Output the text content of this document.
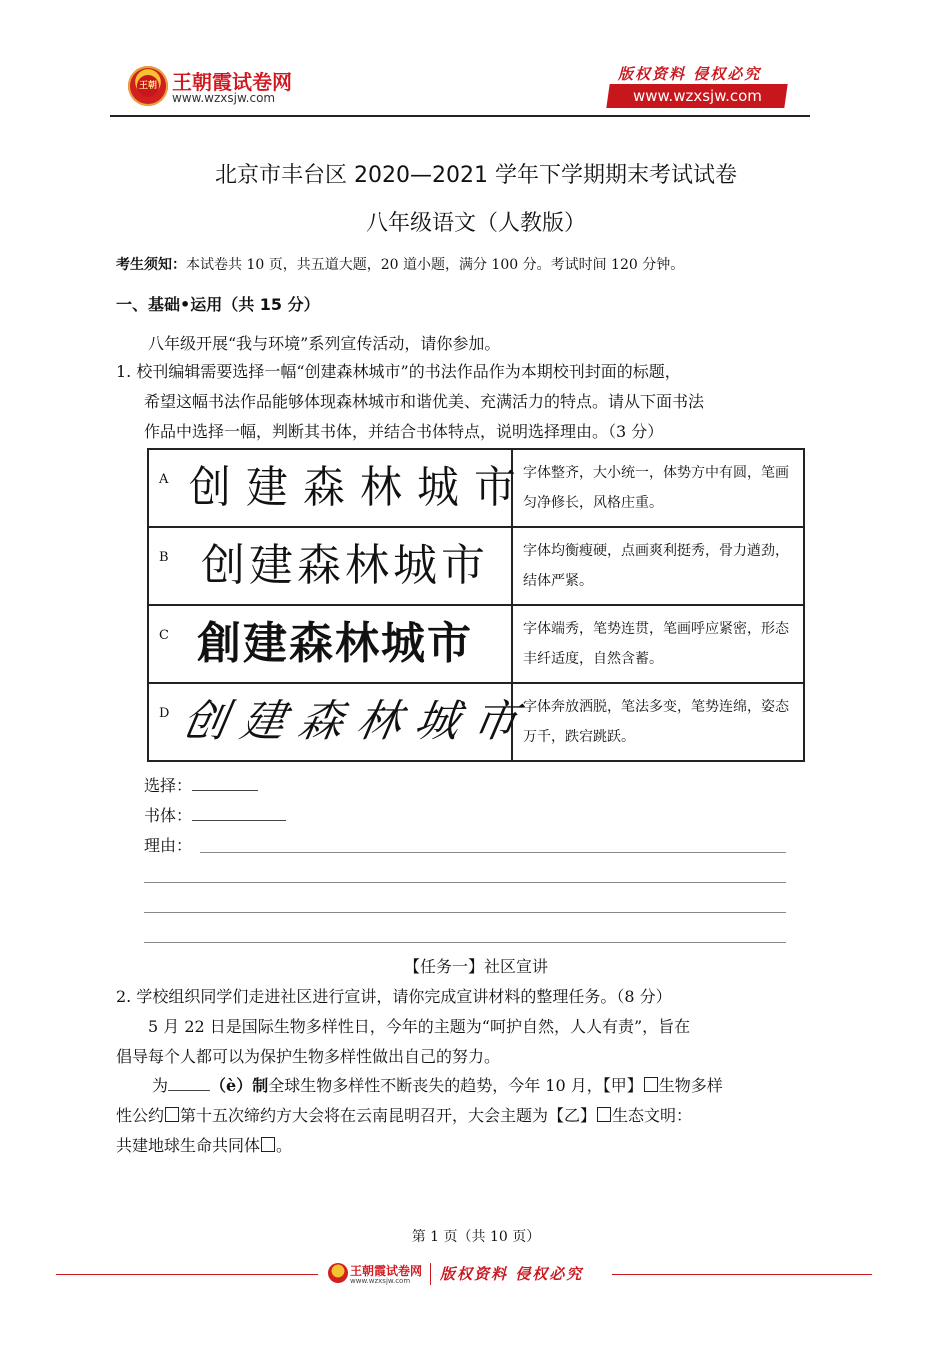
王朝 王朝霞试卷网
www.wzxsjw.com
版权资料 侵权必究
www.wzxsjw.com
北京市丰台区 2020—2021 学年下学期期末考试试卷
八年级语文（人教版）
考生须知：本试卷共 10 页，共五道大题，20 道小题，满分 100 分。考试时间 120 分钟。
一、基础•运用（共 15 分）
八年级开展“我与环境”系列宣传活动，请你参加。
1. 校刊编辑需要选择一幅“创建森林城市”的书法作品作为本期校刊封面的标题，
希望这幅书法作品能够体现森林城市和谐优美、充满活力的特点。请从下面书法
作品中选择一幅，判断其书体，并结合书体特点，说明选择理由。（3 分）
A 创建森林城市	字体整齐，大小统一，体势方中有圆，笔画匀净修长，风格庄重。

B 创建森林城市	字体均衡瘦硬，点画爽利挺秀，骨力遒劲，结体严紧。

C 創建森林城市	字体端秀，笔势连贯，笔画呼应紧密，形态丰纤适度，自然含蓄。

D 创建森林城市	字体奔放洒脱，笔法多变，笔势连绵，姿态万千，跌宕跳跃。
选择：
书体：
理由：
【任务一】社区宣讲
2. 学校组织同学们走进社区进行宣讲，请你完成宣讲材料的整理任务。（8 分）
5 月 22 日是国际生物多样性日，今年的主题为“呵护自然，人人有责”，旨在
倡导每个人都可以为保护生物多样性做出自己的努力。
为	（è）制全球生物多样性不断丧失的趋势，今年 10 月，【甲】 生物多样
性公约 第十五次缔约方大会将在云南昆明召开，大会主题为【乙】 生态文明：
共建地球生命共同体 。
第 1 页（共 10 页）
王朝霞试卷网
www.wzxsjw.com 版权资料 侵权必究
